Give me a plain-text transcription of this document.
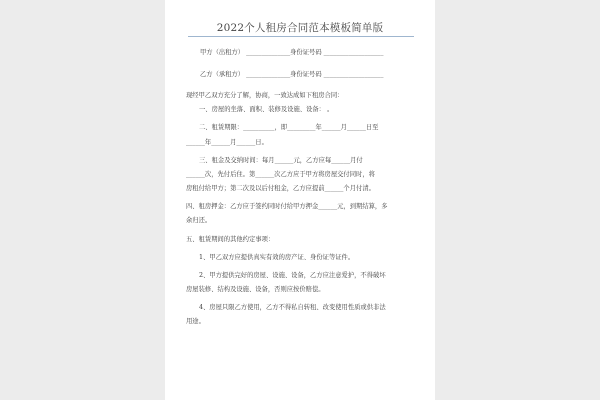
2022个人租房合同范本模板简单版
甲方（出租方） ______________身份证号码 ___________________
乙方（承租方） ______________身份证号码 ___________________
现经甲乙双方充分了解，协商，一致达成如下租房合同：
一、房屋的坐落、面积、装修及设施、设备： 。
二、租赁期限：__________，即_________年______月______日至
______年______月______日。
三、租金及交纳时间：每月______元，乙方应每______月付
______次，先付后住。第______次乙方应于甲方将房屋交付同时，将
房租付给甲方；第二次及以后付租金，乙方应提前______个月付清。
四、租房押金：乙方应于签约同时付给甲方押金______元，到期结算，多
余归还。
五、租赁期间的其他约定事项：
1、甲乙双方应提供真实有效的房产证、身份证等证件。
2、甲方提供完好的房屋、设施、设备，乙方应注意爱护，不得破坏
房屋装修、结构及设施、设备，否则应按价赔偿。
4、房屋只限乙方使用，乙方不得私自转租、改变使用性质或供非法
用途。
